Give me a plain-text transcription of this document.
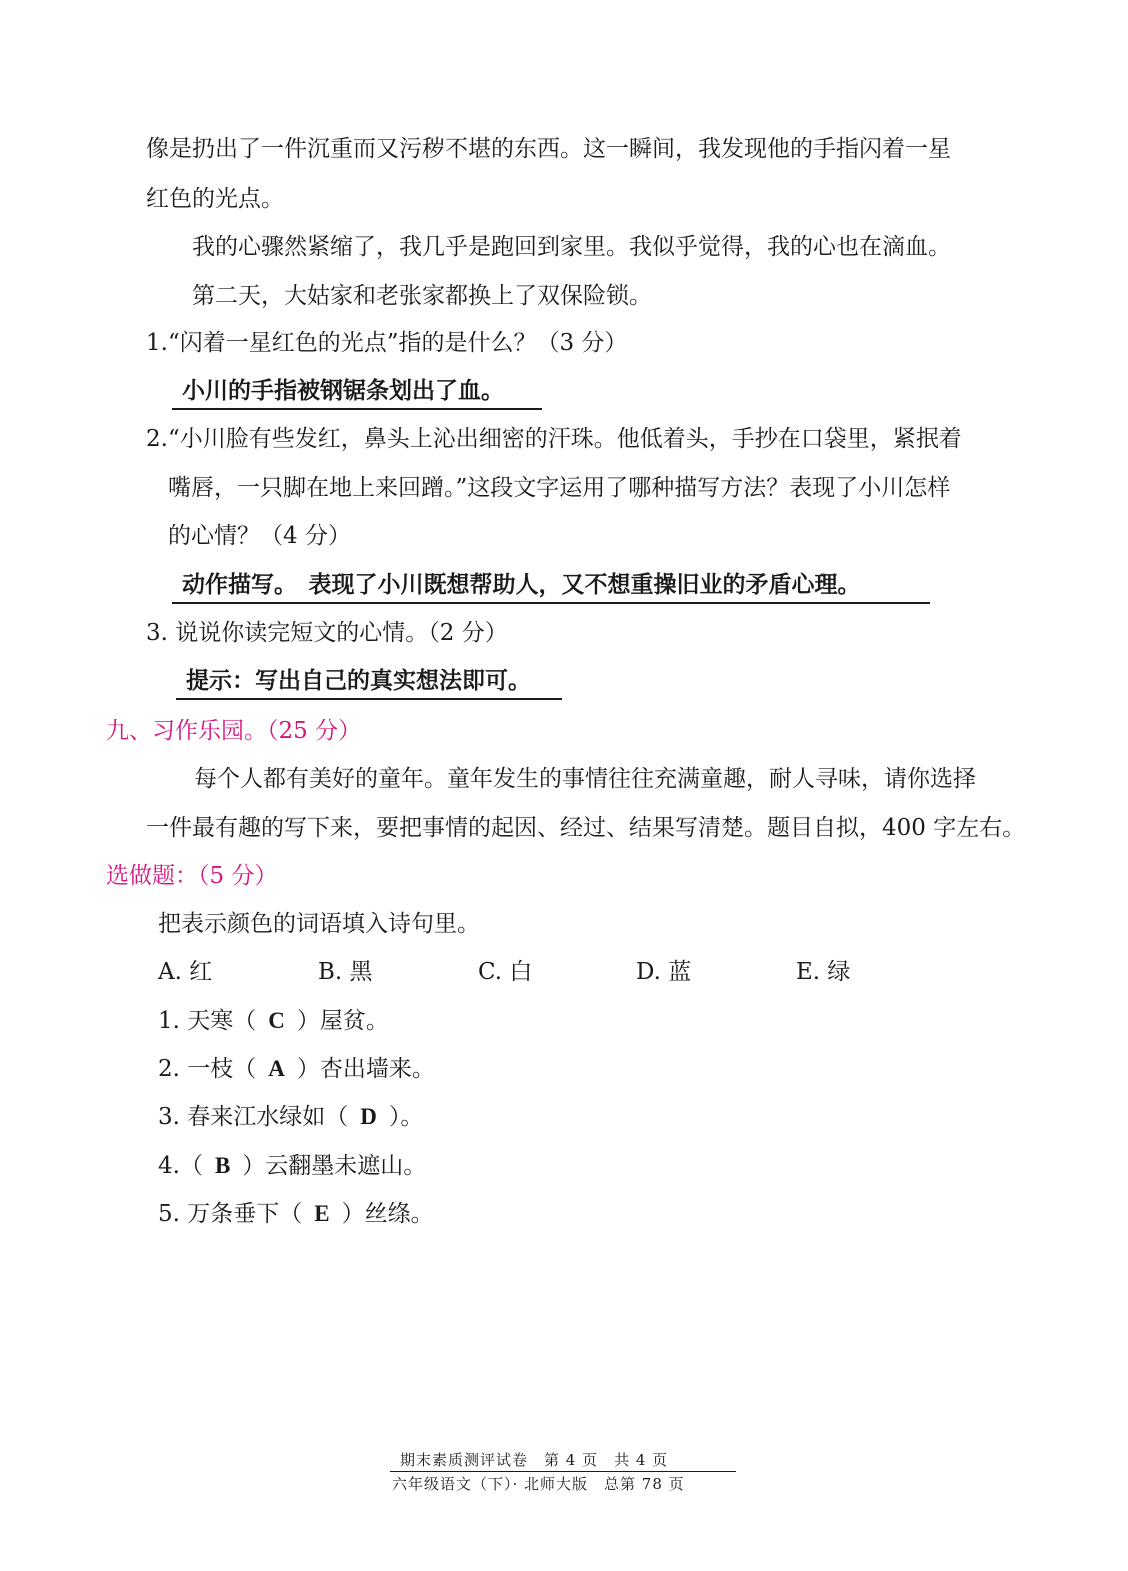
像是扔出了一件沉重而又污秽不堪的东西。这一瞬间，我发现他的手指闪着一星
红色的光点。
我的心骤然紧缩了，我几乎是跑回到家里。我似乎觉得，我的心也在滴血。
第二天，大姑家和老张家都换上了双保险锁。
1.“闪着一星红色的光点”指的是什么？（3 分）
小川的手指被钢锯条划出了血。
2.“小川脸有些发红，鼻头上沁出细密的汗珠。他低着头，手抄在口袋里，紧抿着
嘴唇，一只脚在地上来回蹭。”这段文字运用了哪种描写方法？表现了小川怎样
的心情？（4 分）
动作描写。　表现了小川既想帮助人，又不想重操旧业的矛盾心理。
3. 说说你读完短文的心情。（2 分）
提示：写出自己的真实想法即可。
九、习作乐园。（25 分）
每个人都有美好的童年。童年发生的事情往往充满童趣，耐人寻味，请你选择
一件最有趣的写下来，要把事情的起因、经过、结果写清楚。题目自拟，400 字左右。
选做题：（5 分）
把表示颜色的词语填入诗句里。
A. 红	B. 黑	C. 白	D. 蓝	E. 绿
1. 天寒（ C ）屋贫。
2. 一枝（ A ）杏出墙来。
3. 春来江水绿如（ D ）。
4.（ B ）云翻墨未遮山。
5. 万条垂下（ E ）丝绦。
期末素质测评试卷　第 4 页　共 4 页
六年级语文（下）· 北师大版　总第 78 页
